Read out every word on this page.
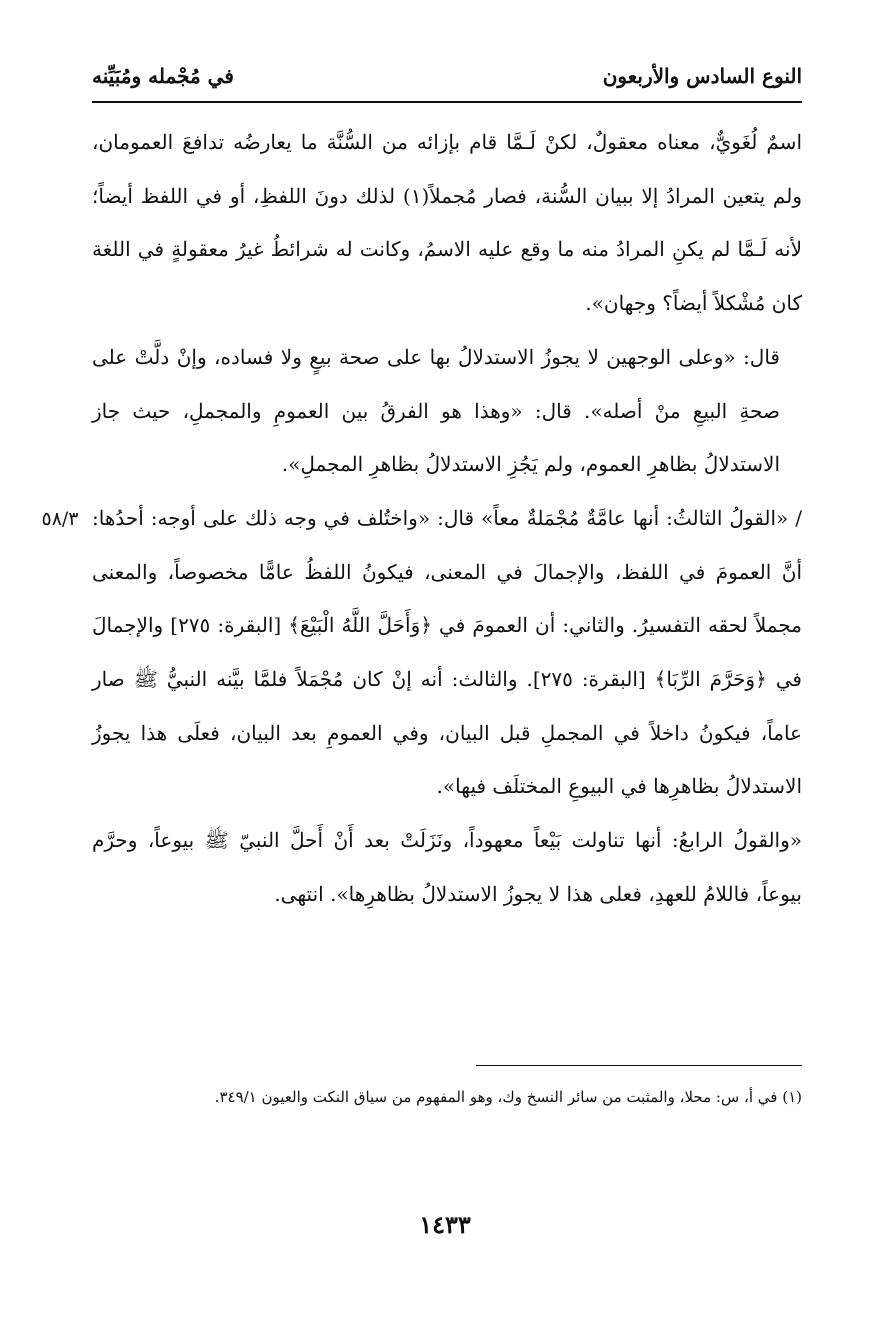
النوع السادس والأربعون
في مُجْمله ومُبَيِّنه
٥٨/٣

اسمٌ لُغَويٌّ، معناه معقولٌ، لكنْ لَـمَّا قام بإزائه من السُّنَّة ما يعارضُه تدافعَ العمومان، ولم يتعين المرادُ إلا ببيان السُّنة، فصار مُجملاً(١) لذلك دونَ اللفظِ، أو في اللفظ أيضاً؛ لأنه لَـمَّا لم يكنِ المرادُ منه ما وقع عليه الاسمُ، وكانت له شرائطُ غيرُ معقولةٍ في اللغة كان مُشْكلاً أيضاً؟ وجهان».

قال: «وعلى الوجهين لا يجوزُ الاستدلالُ بها على صحة بيعٍ ولا فساده، وإنْ دلَّتْ على صحةِ البيعِ منْ أصله». قال: «وهذا هو الفرقُ بين العمومِ والمجملِ، حيث جاز الاستدلالُ بظاهرِ العموم، ولم يَجُزِ الاستدلالُ بظاهرِ المجملِ».

/ «القولُ الثالثُ: أنها عامَّةٌ مُجْمَلةٌ معاً» قال: «واختُلف في وجه ذلك على أوجه: أحدُها: أنَّ العمومَ في اللفظ، والإجمالَ في المعنى، فيكونُ اللفظُ عامًّا مخصوصاً، والمعنى مجملاً لحقه التفسيرُ. والثاني: أن العمومَ في ﴿وَأَحَلَّ اللَّهُ الْبَيْعَ﴾ [البقرة: ٢٧٥] والإجمالَ في ﴿وَحَرَّمَ الرِّبَا﴾ [البقرة: ٢٧٥]. والثالث: أنه إنْ كان مُجْمَلاً فلمَّا بيَّنه النبيُّ ﷺ صار عاماً، فيكونُ داخلاً في المجملِ قبل البيان، وفي العمومِ بعد البيان، فعلَى هذا يجوزُ الاستدلالُ بظاهرِها في البيوعِ المختلَف فيها».

«والقولُ الرابعُ: أنها تناولت بَيْعاً معهوداً، ونَزَلَتْ بعد أَنْ أَحلَّ النبيّ ﷺ بيوعاً، وحرَّم بيوعاً، فاللامُ للعهدِ، فعلى هذا لا يجوزُ الاستدلالُ بظاهرِها». انتهى.

(١) في أ، س: محلا، والمثبت من سائر النسخ وك، وهو المفهوم من سياق النكت والعيون ٣٤٩/١.

١٤٣٣
